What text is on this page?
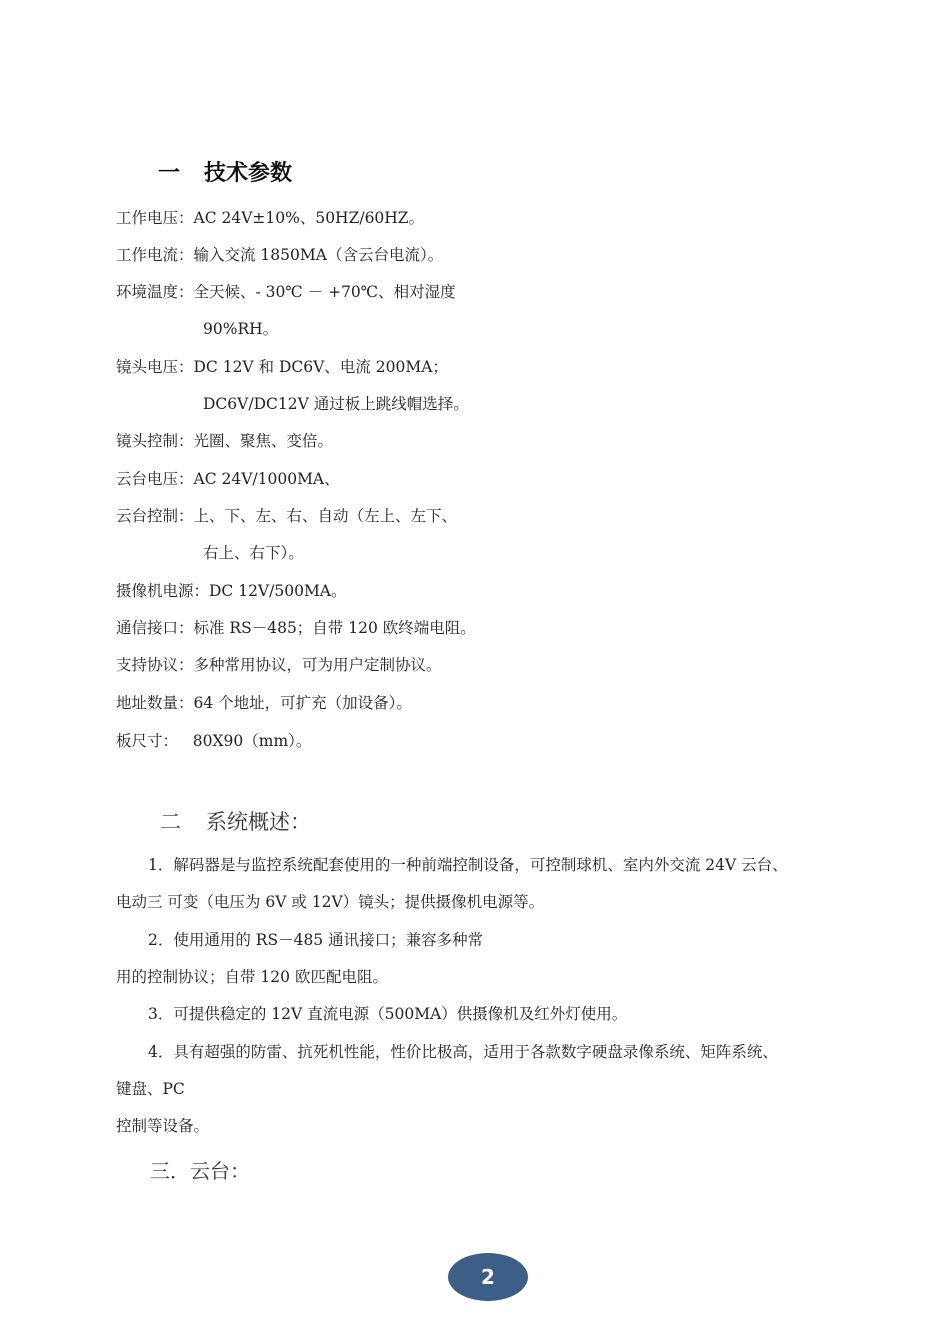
一 技术参数
工作电压：AC 24V±10%、50HZ/60HZ。
工作电流：输入交流 1850MA（含云台电流）。
环境温度：全天候、- 30℃ － +70℃、相对湿度
90%RH。
镜头电压：DC 12V 和 DC6V、电流 200MA；
DC6V/DC12V 通过板上跳线帽选择。
镜头控制：光圈、聚焦、变倍。
云台电压：AC 24V/1000MA、
云台控制：上、下、左、右、自动（左上、左下、
右上、右下）。
摄像机电源：DC 12V/500MA。
通信接口：标准 RS－485；自带 120 欧终端电阻。
支持协议：多种常用协议，可为用户定制协议。
地址数量：64 个地址，可扩充（加设备）。
板尺寸：   80X90（mm）。
二 系统概述：
1．解码器是与监控系统配套使用的一种前端控制设备，可控制球机、室内外交流 24V 云台、
电动三 可变（电压为 6V 或 12V）镜头；提供摄像机电源等。
2．使用通用的 RS－485 通讯接口；兼容多种常
用的控制协议；自带 120 欧匹配电阻。
3．可提供稳定的 12V 直流电源（500MA）供摄像机及红外灯使用。
4．具有超强的防雷、抗死机性能，性价比极高，适用于各款数字硬盘录像系统、矩阵系统、
键盘、PC
控制等设备。
三．云台：
2
